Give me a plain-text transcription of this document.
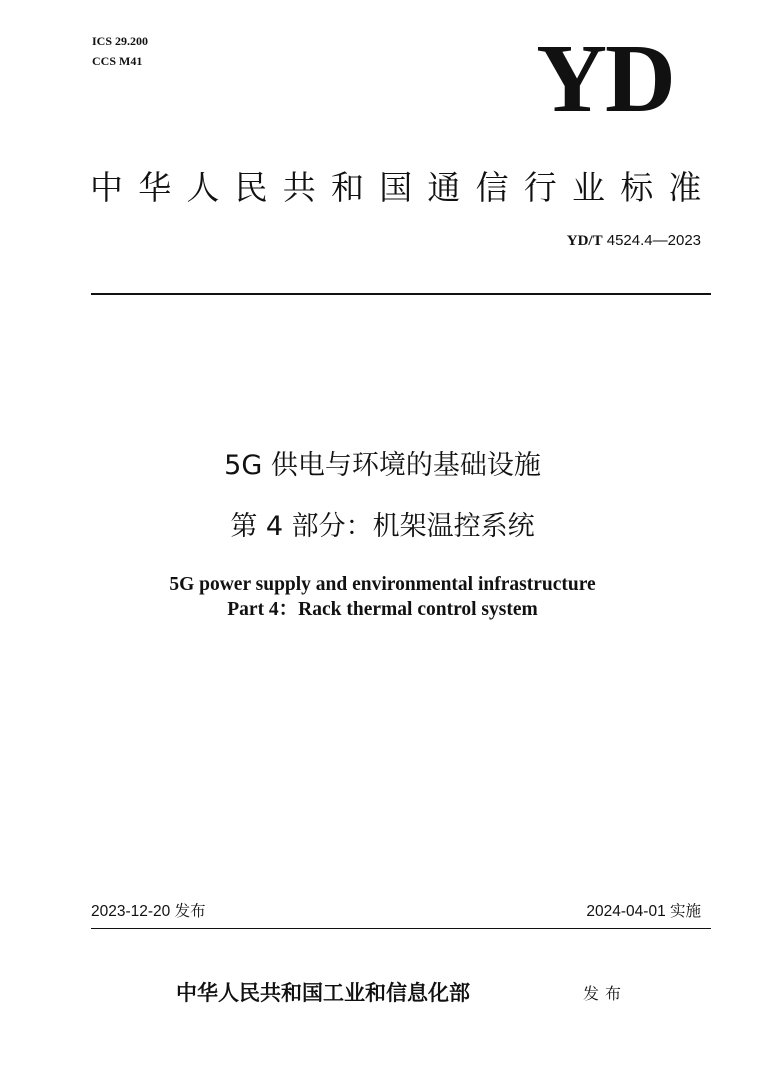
ICS 29.200
CCS M41	YD
中华人民共和国通信行业标准
YD/T 4524.4—2023
5G 供电与环境的基础设施
第 4 部分：机架温控系统
5G power supply and environmental infrastructure
Part 4：Rack thermal control system
2023-12-20 发布	2024-04-01 实施
中华人民共和国工业和信息化部	发布
